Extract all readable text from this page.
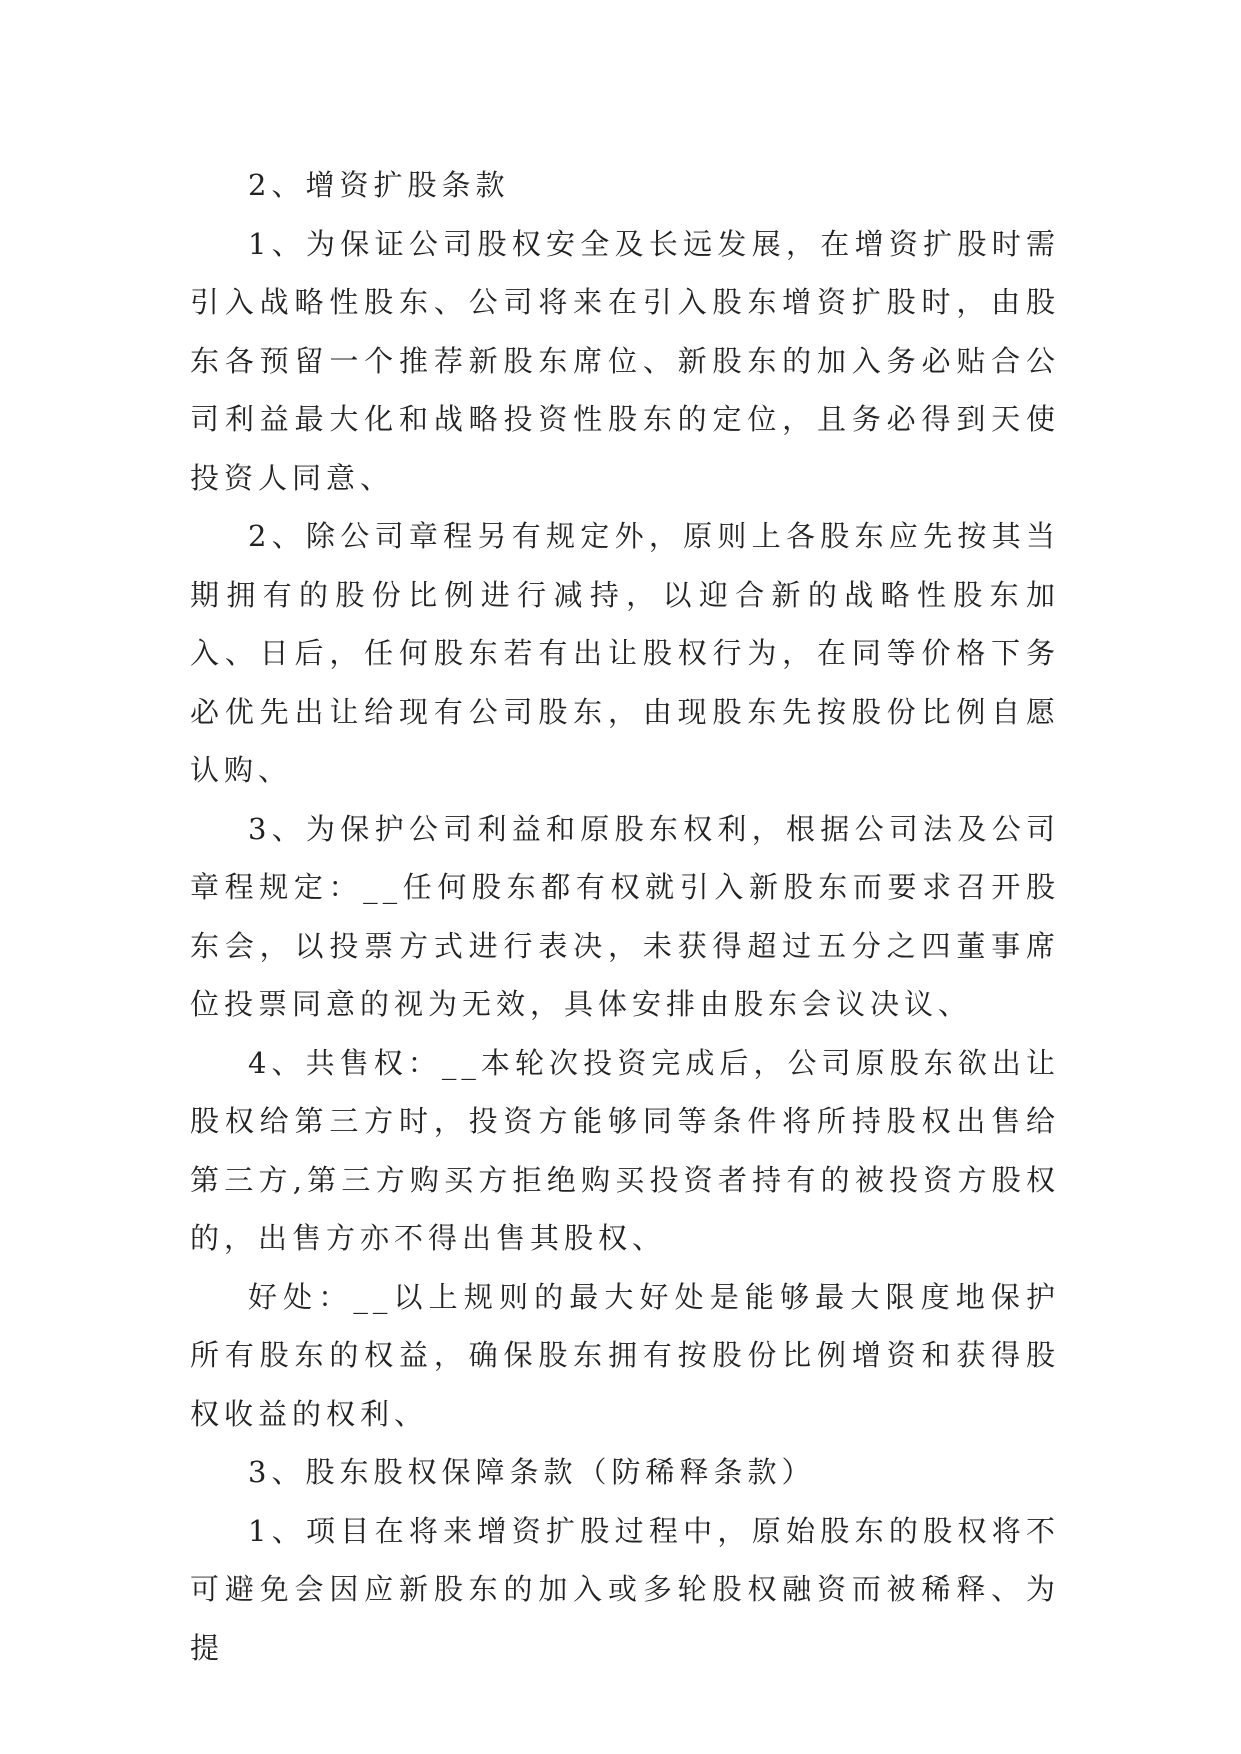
2、增资扩股条款

1、为保证公司股权安全及长远发展，在增资扩股时需引入战略性股东、公司将来在引入股东增资扩股时，由股东各预留一个推荐新股东席位、新股东的加入务必贴合公司利益最大化和战略投资性股东的定位，且务必得到天使投资人同意、

2、除公司章程另有规定外，原则上各股东应先按其当期拥有的股份比例进行减持，以迎合新的战略性股东加入、日后，任何股东若有出让股权行为，在同等价格下务必优先出让给现有公司股东，由现股东先按股份比例自愿认购、

3、为保护公司利益和原股东权利，根据公司法及公司章程规定：__任何股东都有权就引入新股东而要求召开股东会，以投票方式进行表决，未获得超过五分之四董事席位投票同意的视为无效，具体安排由股东会议决议、

4、共售权：__本轮次投资完成后，公司原股东欲出让股权给第三方时，投资方能够同等条件将所持股权出售给第三方,第三方购买方拒绝购买投资者持有的被投资方股权的，出售方亦不得出售其股权、

好处：__以上规则的最大好处是能够最大限度地保护所有股东的权益，确保股东拥有按股份比例增资和获得股权收益的权利、

3、股东股权保障条款（防稀释条款）

1、项目在将来增资扩股过程中，原始股东的股权将不可避免会因应新股东的加入或多轮股权融资而被稀释、为提
